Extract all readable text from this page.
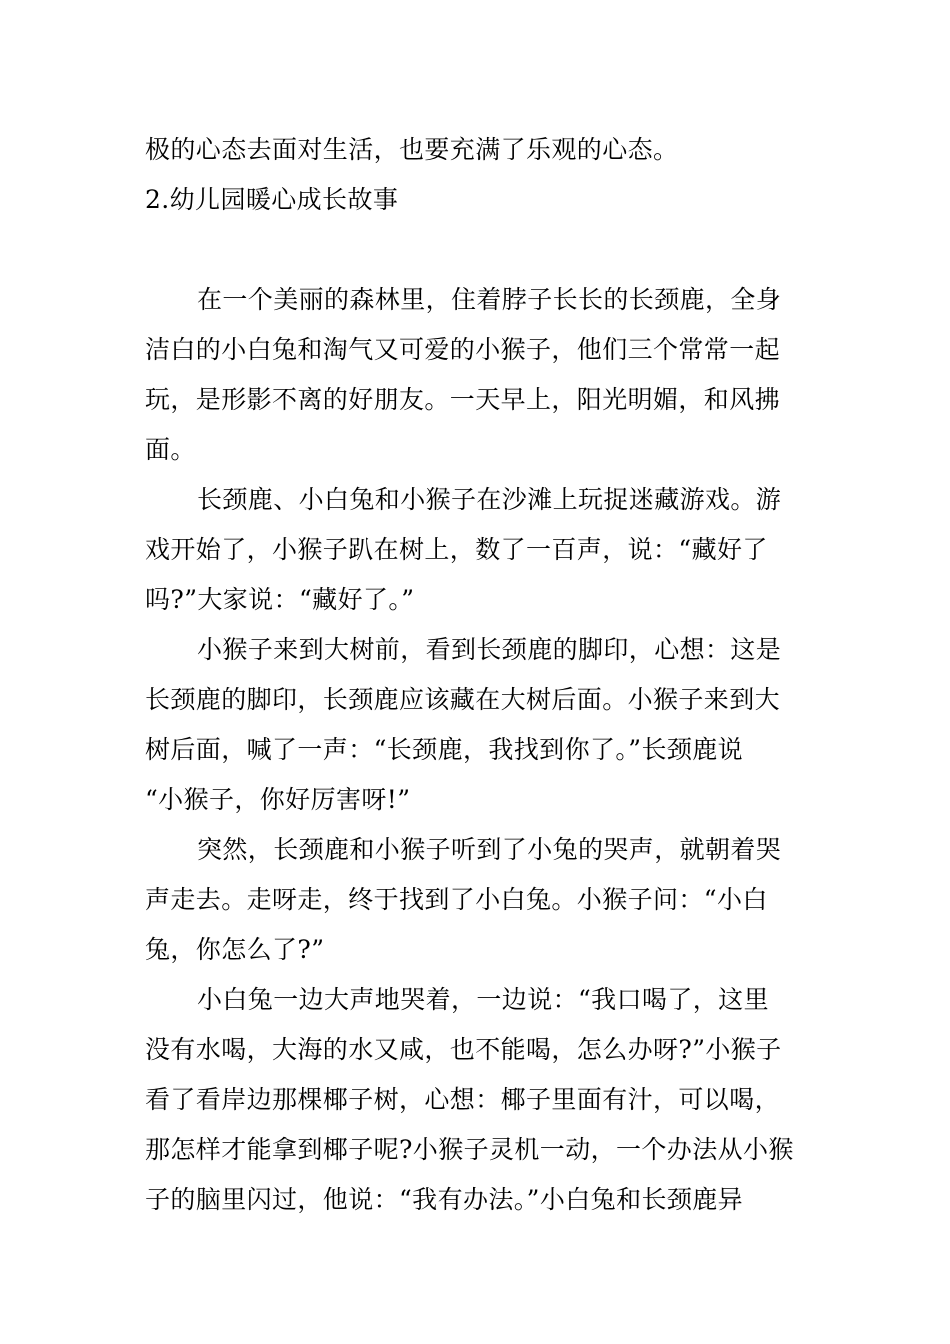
极的心态去面对生活，也要充满了乐观的心态。
2.幼儿园暖心成长故事
在一个美丽的森林里，住着脖子长长的长颈鹿，全身
洁白的小白兔和淘气又可爱的小猴子，他们三个常常一起
玩，是形影不离的好朋友。一天早上，阳光明媚，和风拂
面。
长颈鹿、小白兔和小猴子在沙滩上玩捉迷藏游戏。游
戏开始了，小猴子趴在树上，数了一百声，说：“藏好了
吗?”大家说：“藏好了。”
小猴子来到大树前，看到长颈鹿的脚印，心想：这是
长颈鹿的脚印，长颈鹿应该藏在大树后面。小猴子来到大
树后面，喊了一声：“长颈鹿，我找到你了。”长颈鹿说
“小猴子，你好厉害呀!”
突然，长颈鹿和小猴子听到了小兔的哭声，就朝着哭
声走去。走呀走，终于找到了小白兔。小猴子问：“小白
兔，你怎么了?”
小白兔一边大声地哭着，一边说：“我口喝了，这里
没有水喝，大海的水又咸，也不能喝，怎么办呀?”小猴子
看了看岸边那棵椰子树，心想：椰子里面有汁，可以喝，
那怎样才能拿到椰子呢?小猴子灵机一动，一个办法从小猴
子的脑里闪过，他说：“我有办法。”小白兔和长颈鹿异
